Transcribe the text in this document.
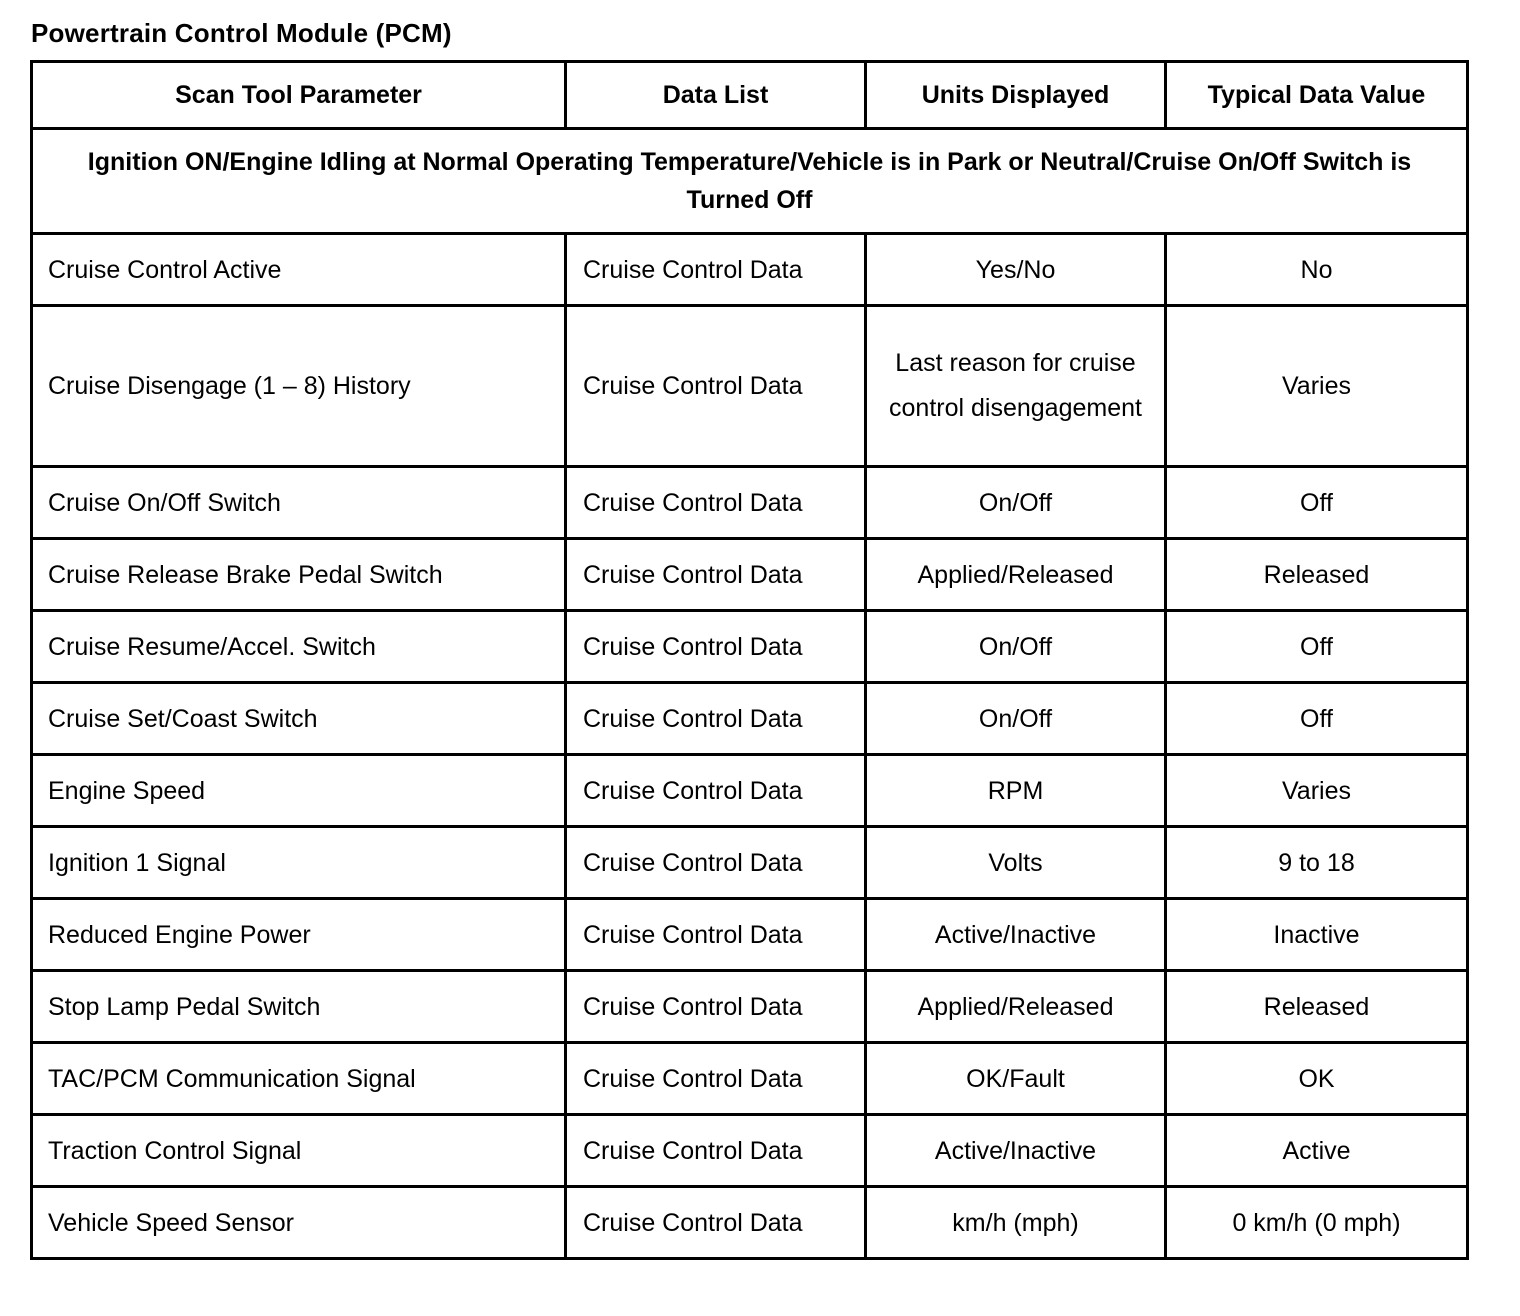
Powertrain Control Module (PCM)
Scan Tool Parameter	Data List	Units Displayed	Typical Data Value
Ignition ON/Engine Idling at Normal Operating Temperature/Vehicle is in Park or Neutral/Cruise On/Off Switch is Turned Off			
Cruise Control Active	Cruise Control Data	Yes/No	No
Cruise Disengage (1 – 8) History	Cruise Control Data	Last reason for cruise control disengagement	Varies
Cruise On/Off Switch	Cruise Control Data	On/Off	Off
Cruise Release Brake Pedal Switch	Cruise Control Data	Applied/Released	Released
Cruise Resume/Accel. Switch	Cruise Control Data	On/Off	Off
Cruise Set/Coast Switch	Cruise Control Data	On/Off	Off
Engine Speed	Cruise Control Data	RPM	Varies
Ignition 1 Signal	Cruise Control Data	Volts	9 to 18
Reduced Engine Power	Cruise Control Data	Active/Inactive	Inactive
Stop Lamp Pedal Switch	Cruise Control Data	Applied/Released	Released
TAC/PCM Communication Signal	Cruise Control Data	OK/Fault	OK
Traction Control Signal	Cruise Control Data	Active/Inactive	Active
Vehicle Speed Sensor	Cruise Control Data	km/h (mph)	0 km/h (0 mph)
